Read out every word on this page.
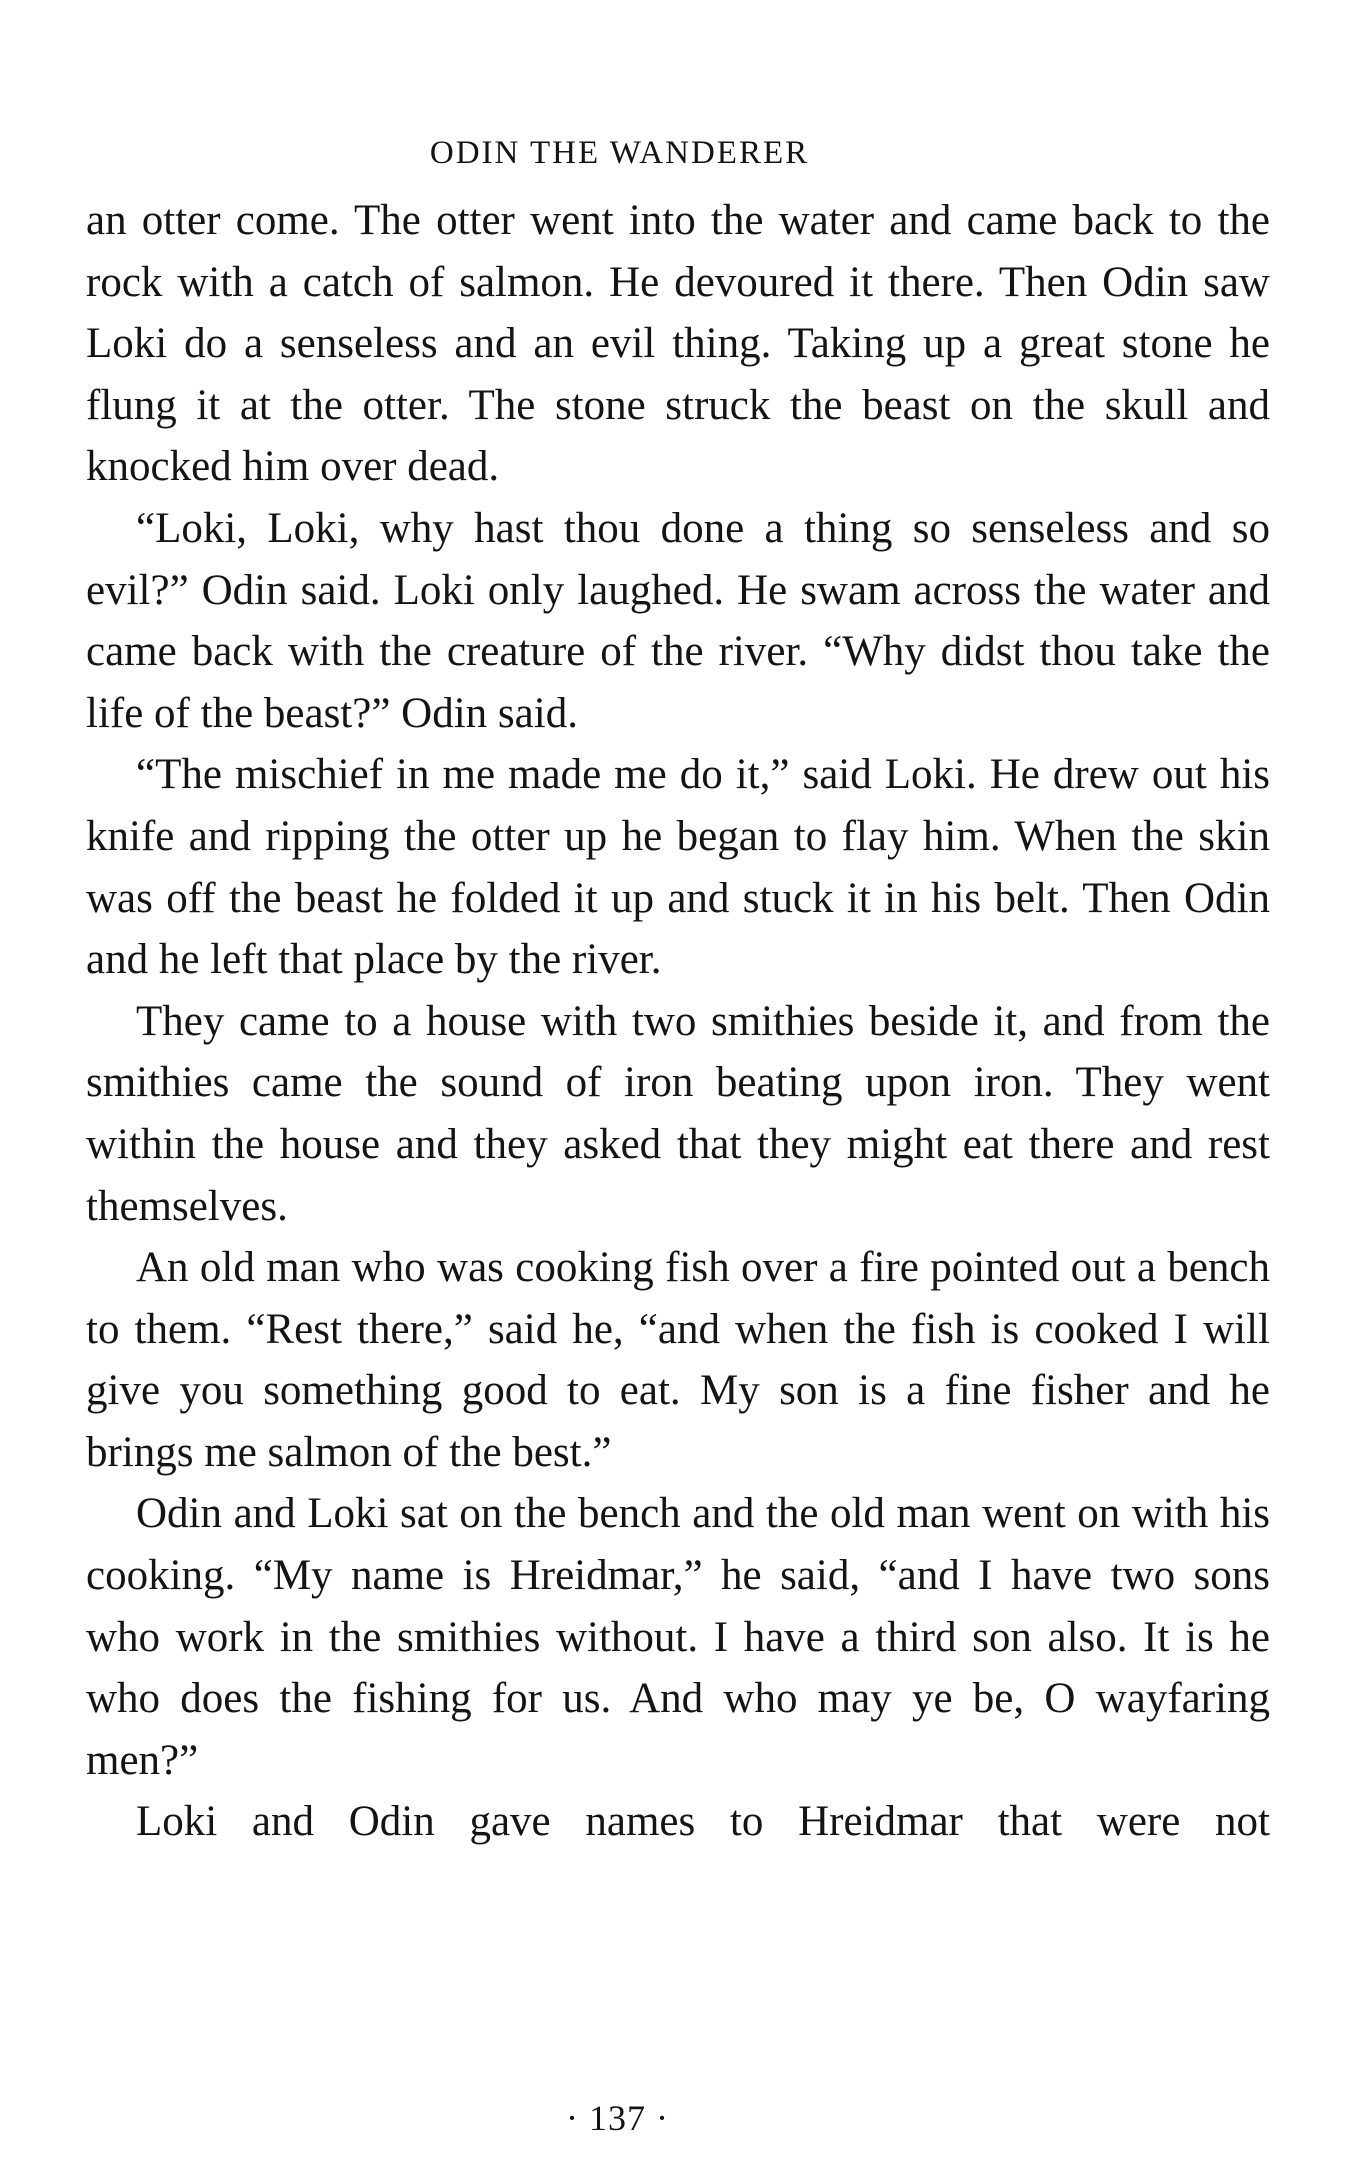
ODIN THE WANDERER

an otter come. The otter went into the water and came back to the rock with a catch of salmon. He devoured it there. Then Odin saw Loki do a senseless and an evil thing. Taking up a great stone he flung it at the otter. The stone struck the beast on the skull and knocked him over dead.

“Loki, Loki, why hast thou done a thing so senseless and so evil?” Odin said. Loki only laughed. He swam across the water and came back with the creature of the river. “Why didst thou take the life of the beast?” Odin said.

“The mischief in me made me do it,” said Loki. He drew out his knife and ripping the otter up he began to flay him. When the skin was off the beast he folded it up and stuck it in his belt. Then Odin and he left that place by the river.

They came to a house with two smithies beside it, and from the smithies came the sound of iron beating upon iron. They went within the house and they asked that they might eat there and rest themselves.

An old man who was cooking fish over a fire pointed out a bench to them. “Rest there,” said he, “and when the fish is cooked I will give you something good to eat. My son is a fine fisher and he brings me salmon of the best.”

Odin and Loki sat on the bench and the old man went on with his cooking. “My name is Hreidmar,” he said, “and I have two sons who work in the smithies without. I have a third son also. It is he who does the fishing for us. And who may ye be, O wayfaring men?”

Loki and Odin gave names to Hreidmar that were not

· 137 ·
